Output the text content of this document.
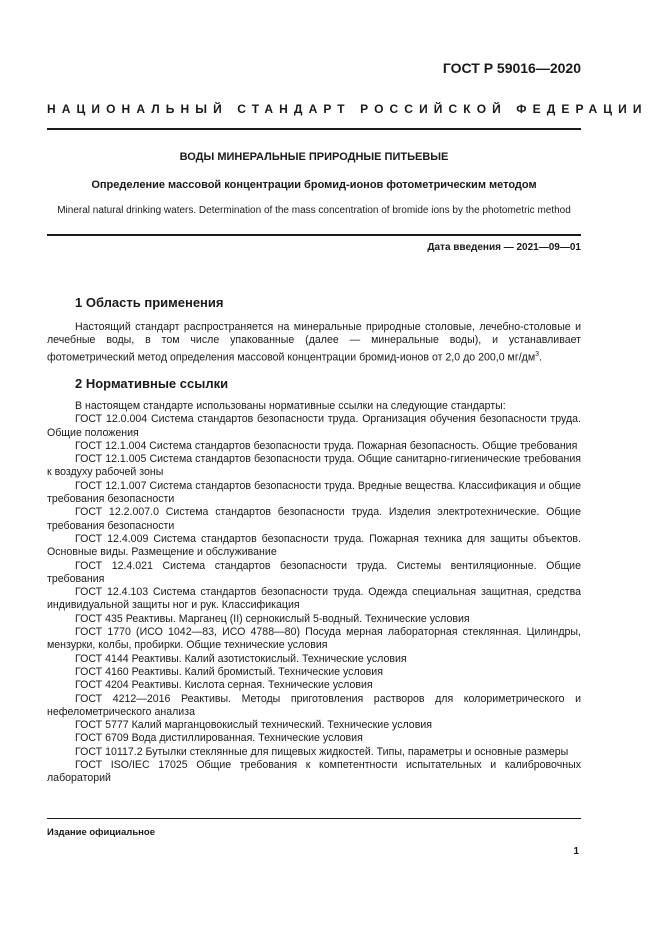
ГОСТ Р 59016—2020
НАЦИОНАЛЬНЫЙ СТАНДАРТ РОССИЙСКОЙ ФЕДЕРАЦИИ
ВОДЫ МИНЕРАЛЬНЫЕ ПРИРОДНЫЕ ПИТЬЕВЫЕ
Определение массовой концентрации бромид-ионов фотометрическим методом
Mineral natural drinking waters. Determination of the mass concentration of bromide ions by the photometric method
Дата введения — 2021—09—01
1 Область применения
Настоящий стандарт распространяется на минеральные природные столовые, лечебно-столовые и лечебные воды, в том числе упакованные (далее — минеральные воды), и устанавливает фотометрический метод определения массовой концентрации бромид-ионов от 2,0 до 200,0 $мг/дм^3$.
2 Нормативные ссылки

В настоящем стандарте использованы нормативные ссылки на следующие стандарты:

ГОСТ 12.0.004 Система стандартов безопасности труда. Организация обучения безопасности труда. Общие положения

ГОСТ 12.1.004 Система стандартов безопасности труда. Пожарная безопасность. Общие требования

ГОСТ 12.1.005 Система стандартов безопасности труда. Общие санитарно-гигиенические требования к воздуху рабочей зоны

ГОСТ 12.1.007 Система стандартов безопасности труда. Вредные вещества. Классификация и общие требования безопасности

ГОСТ 12.2.007.0 Система стандартов безопасности труда. Изделия электротехнические. Общие требования безопасности

ГОСТ 12.4.009 Система стандартов безопасности труда. Пожарная техника для защиты объектов. Основные виды. Размещение и обслуживание

ГОСТ 12.4.021 Система стандартов безопасности труда. Системы вентиляционные. Общие требования

ГОСТ 12.4.103 Система стандартов безопасности труда. Одежда специальная защитная, средства индивидуальной защиты ног и рук. Классификация

ГОСТ 435 Реактивы. Марганец (II) сернокислый 5-водный. Технические условия

ГОСТ 1770 (ИСО 1042—83, ИСО 4788—80) Посуда мерная лабораторная стеклянная. Цилиндры, мензурки, колбы, пробирки. Общие технические условия

ГОСТ 4144 Реактивы. Калий азотистокислый. Технические условия

ГОСТ 4160 Реактивы. Калий бромистый. Технические условия

ГОСТ 4204 Реактивы. Кислота серная. Технические условия

ГОСТ 4212—2016 Реактивы. Методы приготовления растворов для колориметрического и нефелометрического анализа

ГОСТ 5777 Калий марганцовокислый технический. Технические условия

ГОСТ 6709 Вода дистиллированная. Технические условия

ГОСТ 10117.2 Бутылки стеклянные для пищевых жидкостей. Типы, параметры и основные размеры

ГОСТ ISO/IEC 17025 Общие требования к компетентности испытательных и калибровочных лабораторий

Издание официальное
1
